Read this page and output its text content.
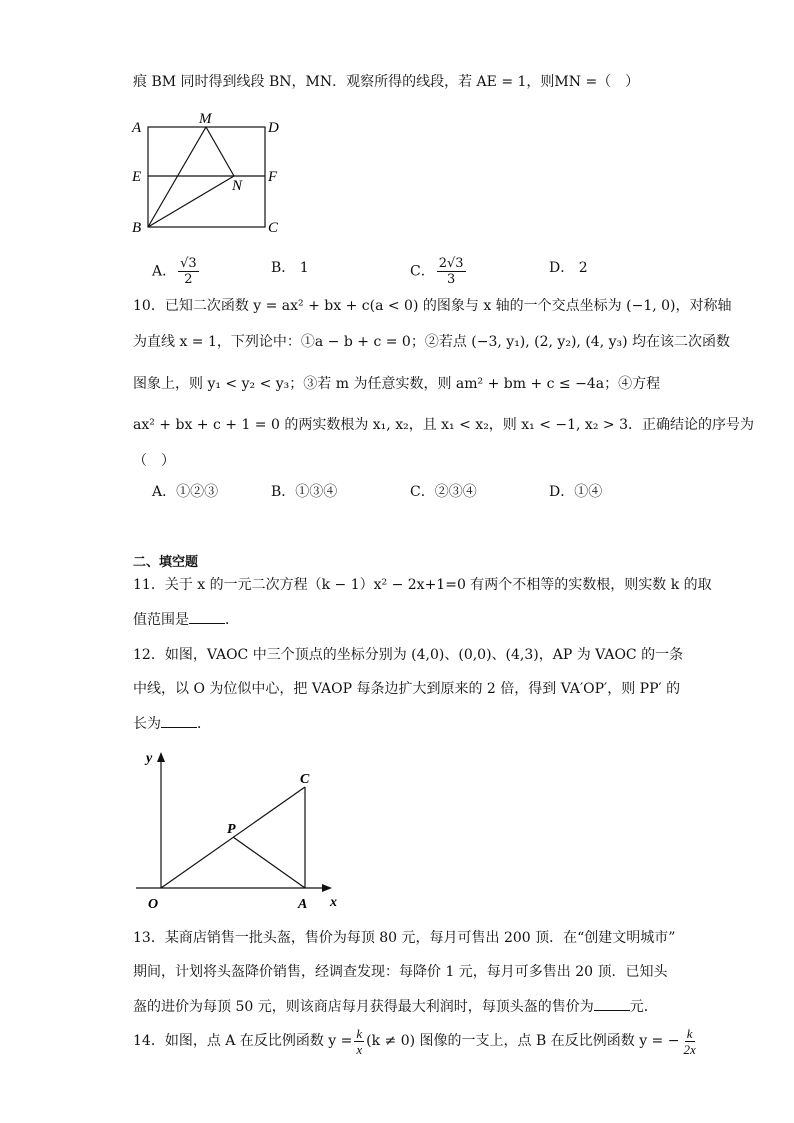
痕 BM 同时得到线段 BN，MN．观察所得的线段，若 AE = 1，则MN =（　）
A
M
D
E	F
N
B	C
A． $\frac{√3}{2}$	B． 1	C． $\frac{2√3}{3}$	D． 2
10．已知二次函数 y = ax² + bx + c(a < 0) 的图象与 x 轴的一个交点坐标为 (−1, 0)，对称轴
为直线 x = 1，下列论中：①a − b + c = 0；②若点 (−3, y₁), (2, y₂), (4, y₃) 均在该二次函数
图象上，则 y₁ < y₂ < y₃；③若 m 为任意实数，则 am² + bm + c ≤ −4a；④方程
ax² + bx + c + 1 = 0 的两实数根为 x₁, x₂，且 x₁ < x₂，则 x₁ < −1, x₂ > 3．正确结论的序号为
（　）
A．①②③	B．①③④	C．②③④	D．①④
二、填空题
11．关于 x 的一元二次方程（k − 1）x² − 2x+1=0 有两个不相等的实数根，则实数 k 的取
值范围是	．
12．如图，VAOC 中三个顶点的坐标分别为 (4,0)、(0,0)、(4,3)，AP 为 VAOC 的一条
中线，以 O 为位似中心，把 VAOP 每条边扩大到原来的 2 倍，得到 VA′OP′，则 PP′ 的
长为	．
y
x
O	A
C
P
13．某商店销售一批头盔，售价为每顶 80 元，每月可售出 200 顶．在“创建文明城市”
期间，计划将头盔降价销售，经调查发现：每降价 1 元，每月可多售出 20 顶．已知头
盔的进价为每顶 50 元，则该商店每月获得最大利润时，每顶头盔的售价为	元．
14．如图，点 A 在反比例函数 $y = \frac{k}{x} (k \ne 0)$ 图像的一支上，点 B 在反比例函数 y = − $\frac{k}{2x}$
